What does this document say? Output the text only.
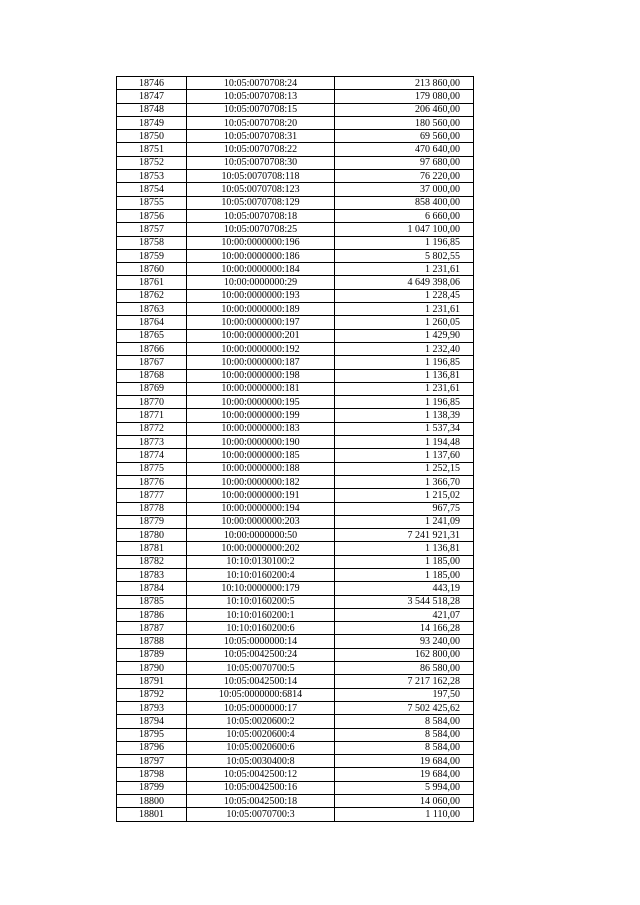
18746	10:05:0070708:24	213 860,00
18747	10:05:0070708:13	179 080,00
18748	10:05:0070708:15	206 460,00
18749	10:05:0070708:20	180 560,00
18750	10:05:0070708:31	69 560,00
18751	10:05:0070708:22	470 640,00
18752	10:05:0070708:30	97 680,00
18753	10:05:0070708:118	76 220,00
18754	10:05:0070708:123	37 000,00
18755	10:05:0070708:129	858 400,00
18756	10:05:0070708:18	6 660,00
18757	10:05:0070708:25	1 047 100,00
18758	10:00:0000000:196	1 196,85
18759	10:00:0000000:186	5 802,55
18760	10:00:0000000:184	1 231,61
18761	10:00:0000000:29	4 649 398,06
18762	10:00:0000000:193	1 228,45
18763	10:00:0000000:189	1 231,61
18764	10:00:0000000:197	1 260,05
18765	10:00:0000000:201	1 429,90
18766	10:00:0000000:192	1 232,40
18767	10:00:0000000:187	1 196,85
18768	10:00:0000000:198	1 136,81
18769	10:00:0000000:181	1 231,61
18770	10:00:0000000:195	1 196,85
18771	10:00:0000000:199	1 138,39
18772	10:00:0000000:183	1 537,34
18773	10:00:0000000:190	1 194,48
18774	10:00:0000000:185	1 137,60
18775	10:00:0000000:188	1 252,15
18776	10:00:0000000:182	1 366,70
18777	10:00:0000000:191	1 215,02
18778	10:00:0000000:194	967,75
18779	10:00:0000000:203	1 241,09
18780	10:00:0000000:50	7 241 921,31
18781	10:00:0000000:202	1 136,81
18782	10:10:0130100:2	1 185,00
18783	10:10:0160200:4	1 185,00
18784	10:10:0000000:179	443,19
18785	10:10:0160200:5	3 544 518,28
18786	10:10:0160200:1	421,07
18787	10:10:0160200:6	14 166,28
18788	10:05:0000000:14	93 240,00
18789	10:05:0042500:24	162 800,00
18790	10:05:0070700:5	86 580,00
18791	10:05:0042500:14	7 217 162,28
18792	10:05:0000000:6814	197,50
18793	10:05:0000000:17	7 502 425,62
18794	10:05:0020600:2	8 584,00
18795	10:05:0020600:4	8 584,00
18796	10:05:0020600:6	8 584,00
18797	10:05:0030400:8	19 684,00
18798	10:05:0042500:12	19 684,00
18799	10:05:0042500:16	5 994,00
18800	10:05:0042500:18	14 060,00
18801	10:05:0070700:3	1 110,00
